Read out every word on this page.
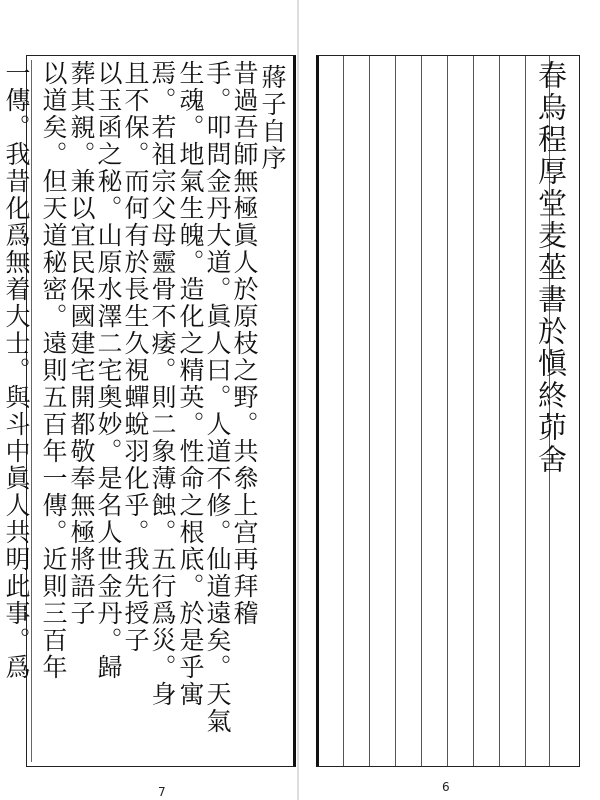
蔣子自序
昔過吾師無極眞人於原枝之野。共叅上宫再拜稽
手。叩問金丹大道。眞人曰。人道不修。仙道遠矣。天氣
生魂。地氣生魄。造化之精英。性命之根底。於是乎寓
焉。若祖宗父母靈骨不痿。則二象薄蝕。五行爲災。身
且不保。而何有於長生久視蟬蛻羽化乎。我先授子
以玉函之秘。山原水澤二宅奥妙。是名人世金丹。歸
葬其親。兼以宜民保國建宅開都敬奉無極將語子
以道矣。但天道秘密。遠則五百年一傳。近則三百年
一傳。我昔化爲無着大士。與斗中眞人共明此事。爲
7
春烏程厚堂麦莝書於愼終茆舍
6
